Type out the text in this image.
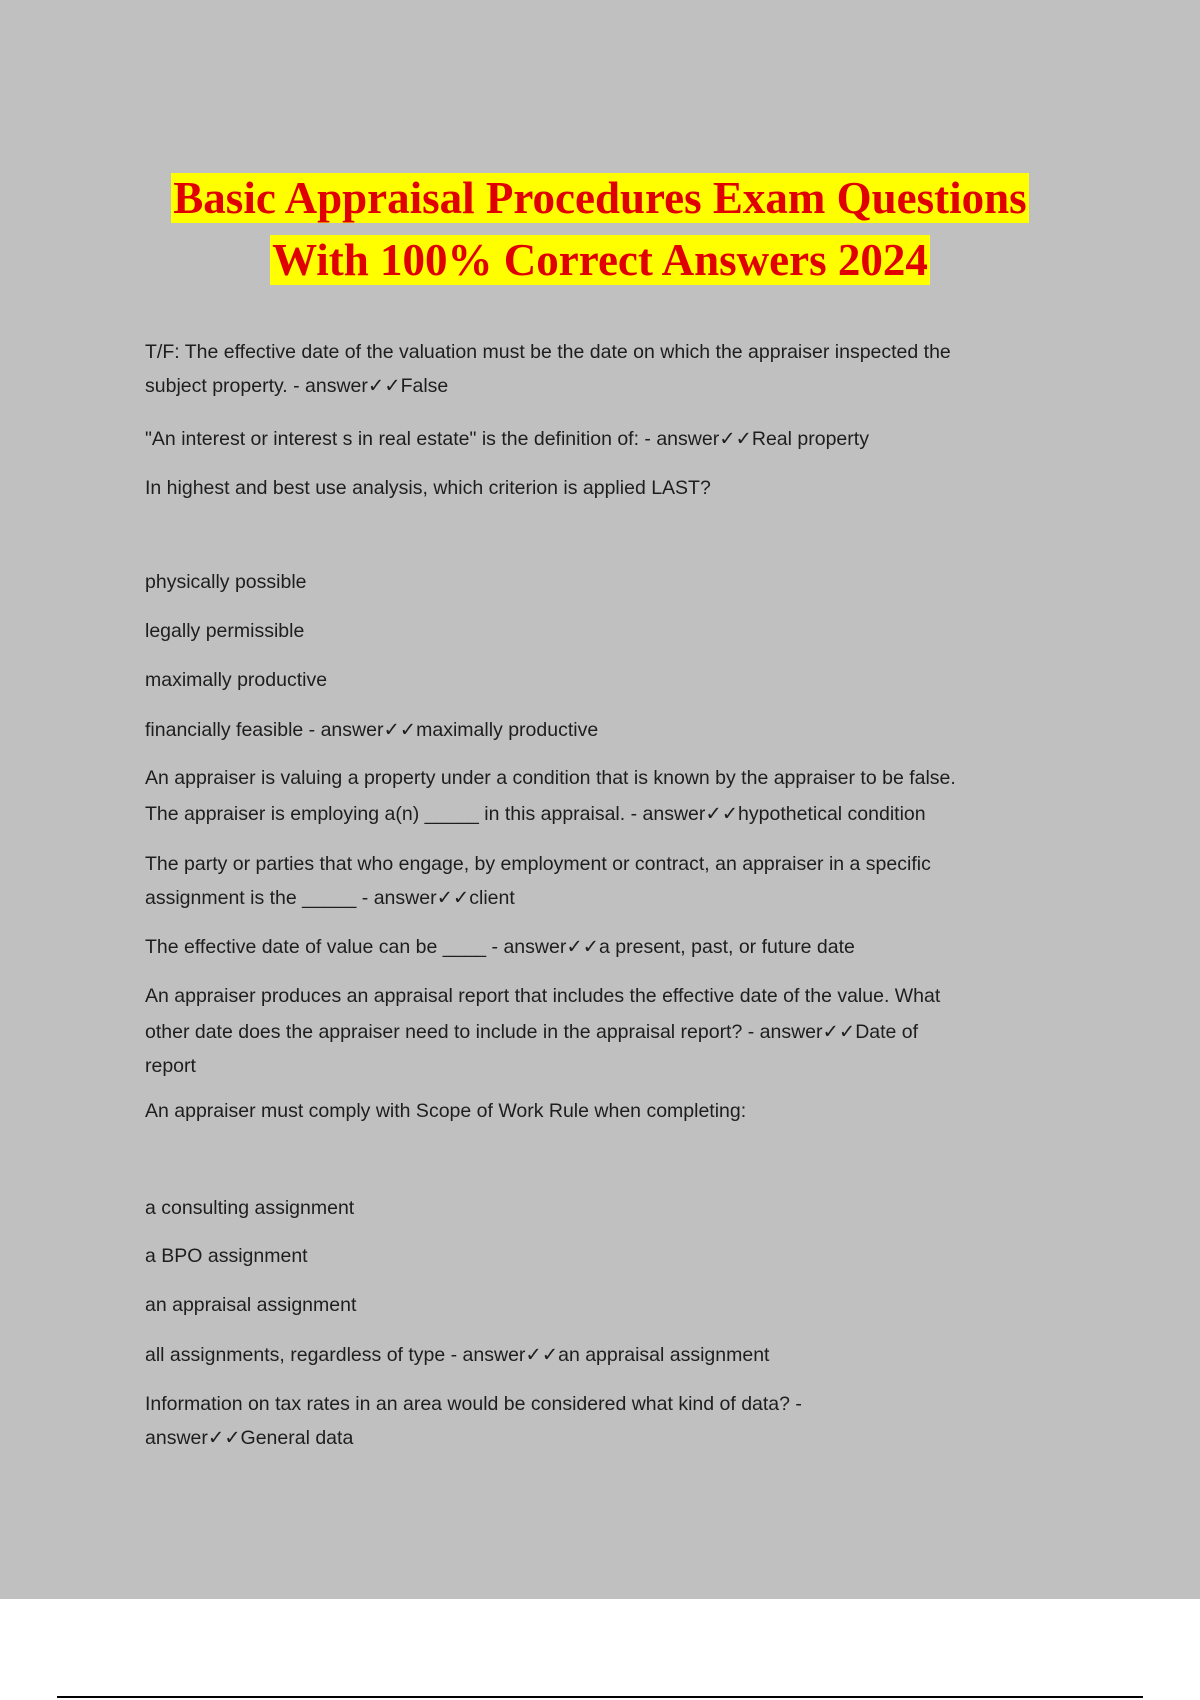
Basic Appraisal Procedures Exam Questions
With 100% Correct Answers 2024
T/F: The effective date of the valuation must be the date on which the appraiser inspected the
subject property. - answer✓✓False
"An interest or interest s in real estate" is the definition of: - answer✓✓Real property
In highest and best use analysis, which criterion is applied LAST?
physically possible
legally permissible
maximally productive
financially feasible - answer✓✓maximally productive
An appraiser is valuing a property under a condition that is known by the appraiser to be false.
The appraiser is employing a(n) _____ in this appraisal. - answer✓✓hypothetical condition
The party or parties that who engage, by employment or contract, an appraiser in a specific
assignment is the _____ - answer✓✓client
The effective date of value can be ____ - answer✓✓a present, past, or future date
An appraiser produces an appraisal report that includes the effective date of the value. What
other date does the appraiser need to include in the appraisal report? - answer✓✓Date of
report
An appraiser must comply with Scope of Work Rule when completing:
a consulting assignment
a BPO assignment
an appraisal assignment
all assignments, regardless of type - answer✓✓an appraisal assignment
Information on tax rates in an area would be considered what kind of data? -
answer✓✓General data
